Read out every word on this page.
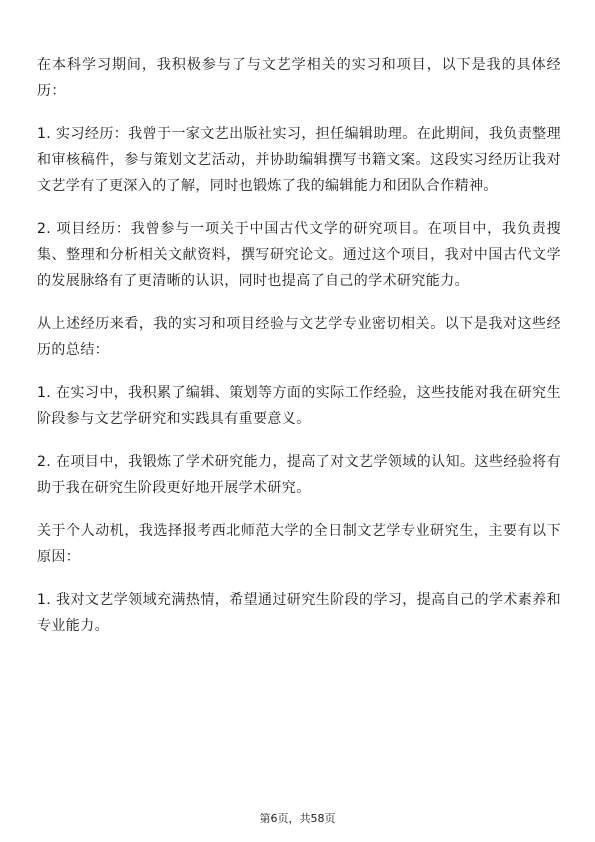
在本科学习期间，我积极参与了与文艺学相关的实习和项目，以下是我的具体经历：

1. 实习经历：我曾于一家文艺出版社实习，担任编辑助理。在此期间，我负责整理和审核稿件，参与策划文艺活动，并协助编辑撰写书籍文案。这段实习经历让我对文艺学有了更深入的了解，同时也锻炼了我的编辑能力和团队合作精神。

2. 项目经历：我曾参与一项关于中国古代文学的研究项目。在项目中，我负责搜集、整理和分析相关文献资料，撰写研究论文。通过这个项目，我对中国古代文学的发展脉络有了更清晰的认识，同时也提高了自己的学术研究能力。

从上述经历来看，我的实习和项目经验与文艺学专业密切相关。以下是我对这些经历的总结：

1. 在实习中，我积累了编辑、策划等方面的实际工作经验，这些技能对我在研究生阶段参与文艺学研究和实践具有重要意义。

2. 在项目中，我锻炼了学术研究能力，提高了对文艺学领域的认知。这些经验将有助于我在研究生阶段更好地开展学术研究。

关于个人动机，我选择报考西北师范大学的全日制文艺学专业研究生，主要有以下原因：

1. 我对文艺学领域充满热情，希望通过研究生阶段的学习，提高自己的学术素养和专业能力。

第6页，共58页
